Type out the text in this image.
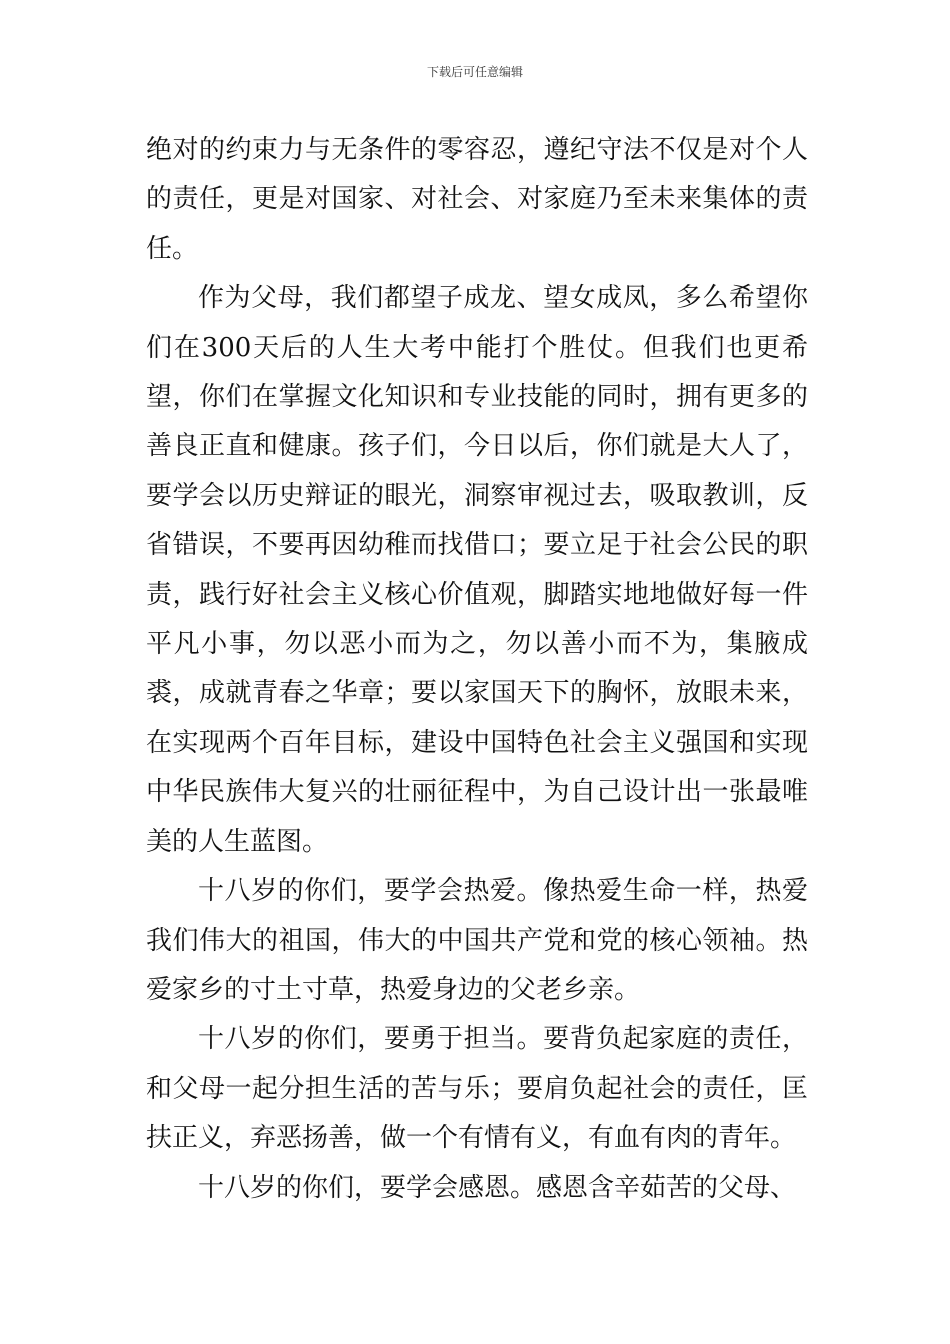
下载后可任意编辑

绝对的约束力与无条件的零容忍，遵纪守法不仅是对个人的责任，更是对国家、对社会、对家庭乃至未来集体的责任。

作为父母，我们都望子成龙、望女成凤，多么希望你们在300天后的人生大考中能打个胜仗。但我们也更希望，你们在掌握文化知识和专业技能的同时，拥有更多的善良正直和健康。孩子们，今日以后，你们就是大人了，要学会以历史辩证的眼光，洞察审视过去，吸取教训，反省错误，不要再因幼稚而找借口；要立足于社会公民的职责，践行好社会主义核心价值观，脚踏实地地做好每一件平凡小事，勿以恶小而为之，勿以善小而不为，集腋成裘，成就青春之华章；要以家国天下的胸怀，放眼未来，在实现两个百年目标，建设中国特色社会主义强国和实现中华民族伟大复兴的壮丽征程中，为自己设计出一张最唯美的人生蓝图。

十八岁的你们，要学会热爱。像热爱生命一样，热爱我们伟大的祖国，伟大的中国共产党和党的核心领袖。热爱家乡的寸土寸草，热爱身边的父老乡亲。

十八岁的你们，要勇于担当。要背负起家庭的责任，和父母一起分担生活的苦与乐；要肩负起社会的责任，匡扶正义，弃恶扬善，做一个有情有义，有血有肉的青年。

十八岁的你们，要学会感恩。感恩含辛茹苦的父母、
